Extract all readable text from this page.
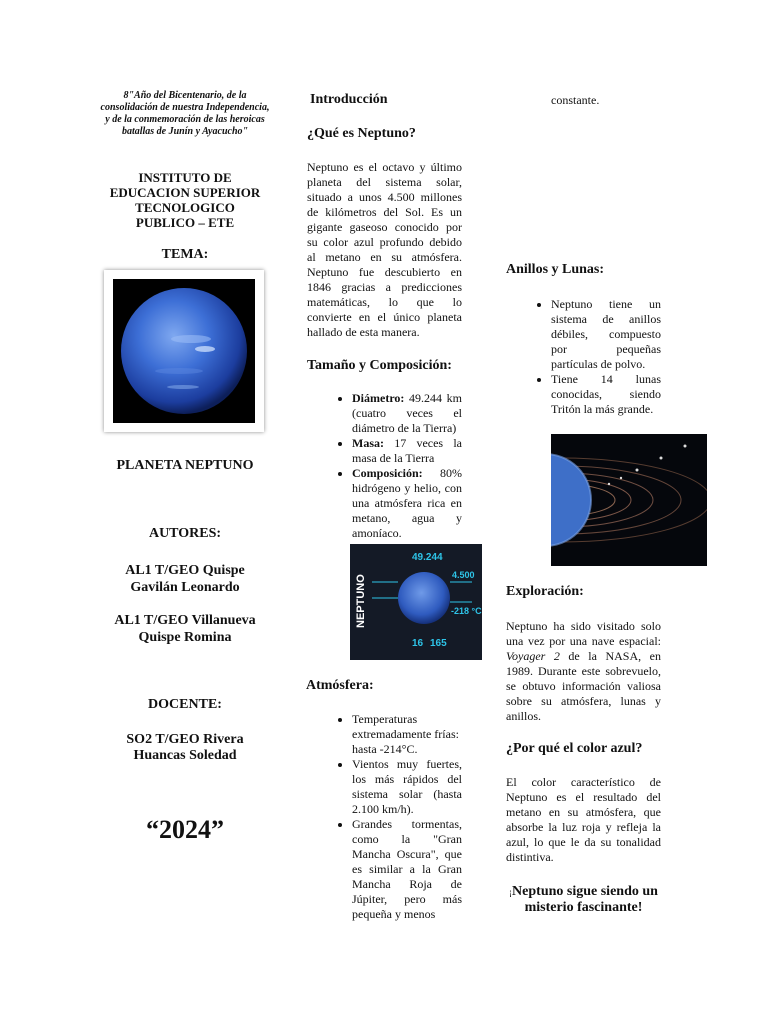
8"Año del Bicentenario, de la consolidación de nuestra Independencia, y de la conmemoración de las heroicas batallas de Junín y Ayacucho"

INSTITUTO DE EDUCACION SUPERIOR TECNOLOGICO PUBLICO – ETE
TEMA:
PLANETA NEPTUNO
AUTORES:
AL1 T/GEO Quispe Gavilán Leonardo
AL1 T/GEO Villanueva Quispe Romina
DOCENTE:
SO2 T/GEO Rivera Huancas Soledad
“2024”
Introducción
¿Qué es Neptuno?

Neptuno es el octavo y último planeta del sistema solar, situado a unos 4.500 millones de kilómetros del Sol. Es un gigante gaseoso conocido por su color azul profundo debido al metano en su atmósfera. Neptuno fue descubierto en 1846 gracias a predicciones matemáticas, lo que lo convierte en el único planeta hallado de esta manera.

Tamaño y Composición:
• Diámetro: 49.244 km (cuatro veces el diámetro de la Tierra)
• Masa: 17 veces la masa de la Tierra
• Composición: 80% hidrógeno y helio, con una atmósfera rica en metano, agua y amoníaco.
NEPTUNO
49.244
4.500
-218 °C
16 165
Atmósfera:
• Temperaturas extremadamente frías: hasta -214°C.
• Vientos muy fuertes, los más rápidos del sistema solar (hasta 2.100 km/h).
• Grandes tormentas, como la "Gran Mancha Oscura", que es similar a la Gran Mancha Roja de Júpiter, pero más pequeña y menos
constante.
Anillos y Lunas:
• Neptuno tiene un sistema de anillos débiles, compuesto por pequeñas partículas de polvo.
• Tiene 14 lunas conocidas, siendo Tritón la más grande.
Exploración:

Neptuno ha sido visitado solo una vez por una nave espacial: Voyager 2 de la NASA, en 1989. Durante este sobrevuelo, se obtuvo información valiosa sobre su atmósfera, lunas y anillos.

¿Por qué el color azul?

El color característico de Neptuno es el resultado del metano en su atmósfera, que absorbe la luz roja y refleja la azul, lo que le da su tonalidad distintiva.

¡Neptuno sigue siendo un misterio fascinante!
